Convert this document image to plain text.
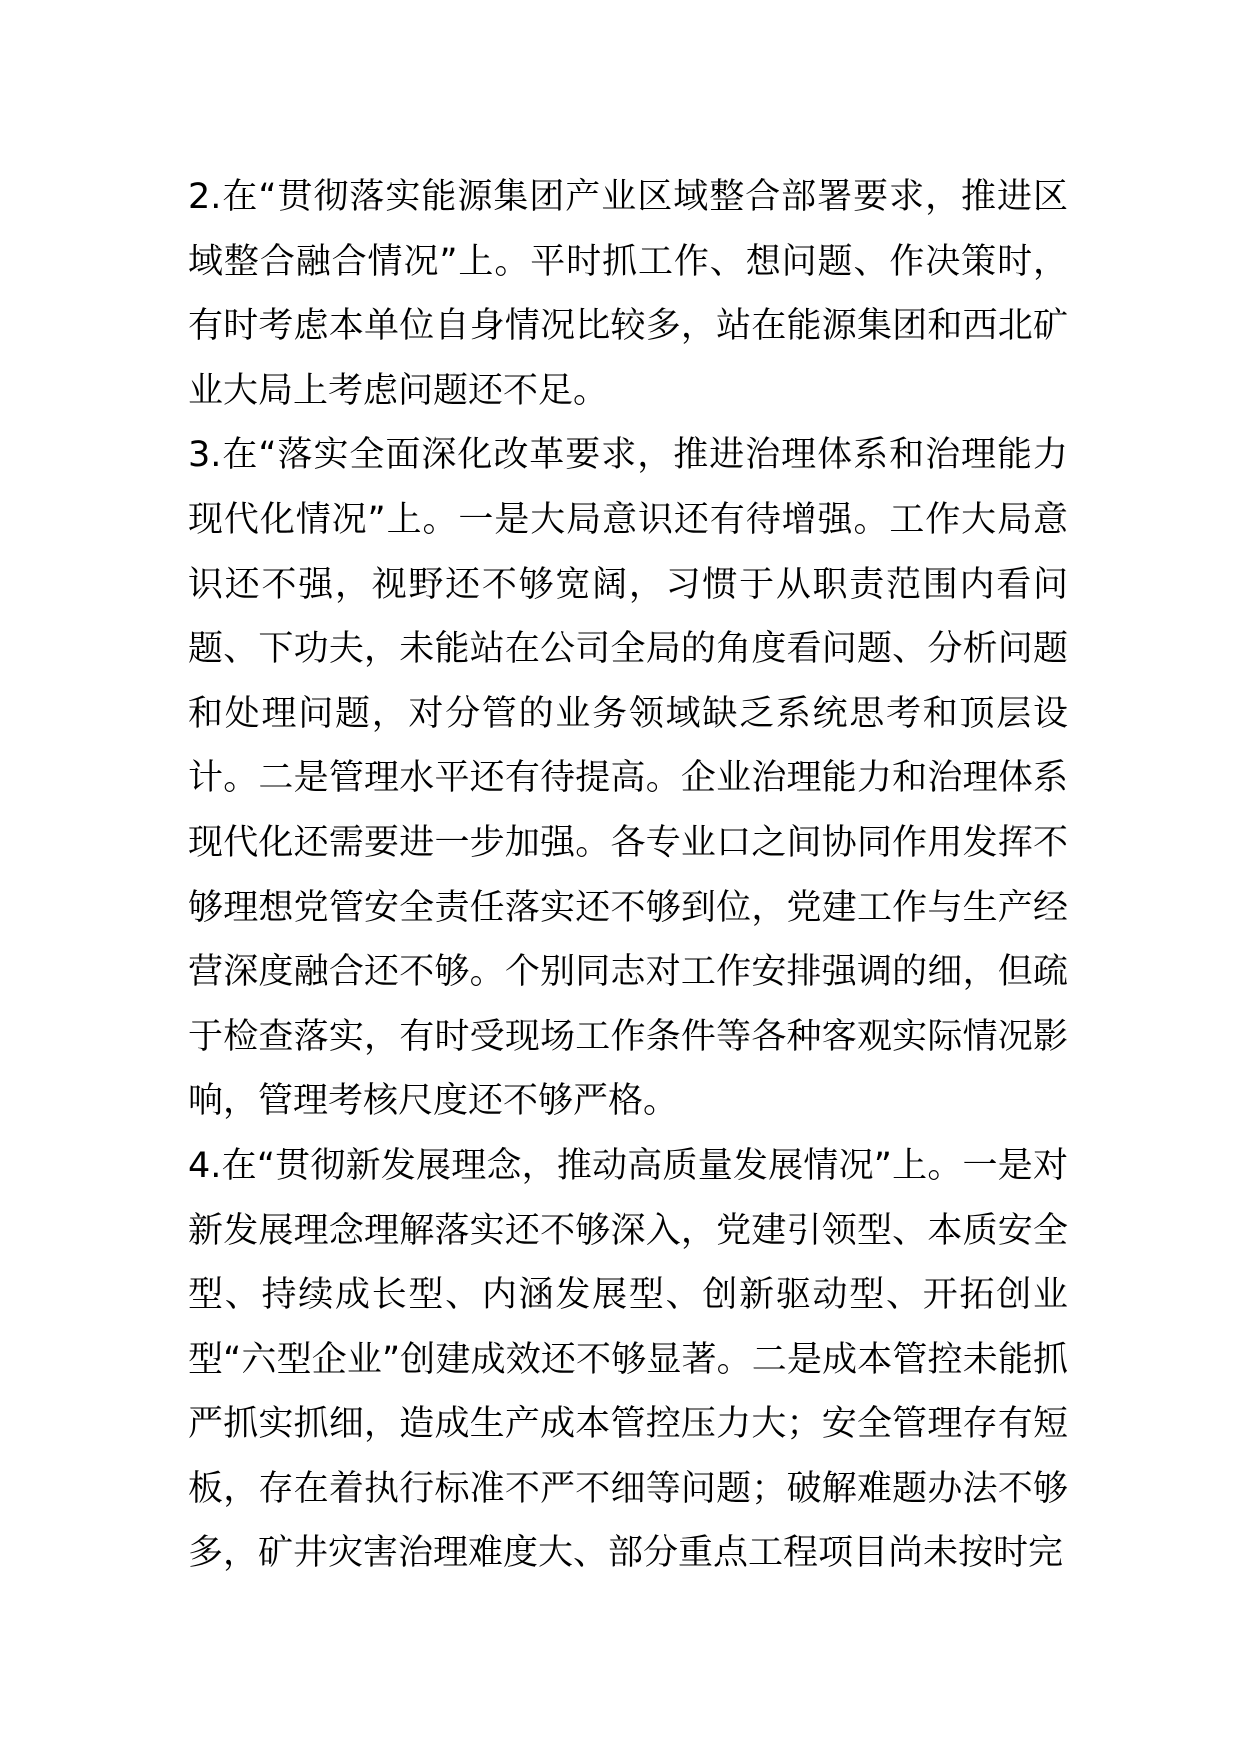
2.在“贯彻落实能源集团产业区域整合部署要求，推进区域整合融合情况”上。平时抓工作、想问题、作决策时，有时考虑本单位自身情况比较多，站在能源集团和西北矿业大局上考虑问题还不足。

3.在“落实全面深化改革要求，推进治理体系和治理能力现代化情况”上。一是大局意识还有待增强。工作大局意识还不强，视野还不够宽阔，习惯于从职责范围内看问题、下功夫，未能站在公司全局的角度看问题、分析问题和处理问题，对分管的业务领域缺乏系统思考和顶层设计。二是管理水平还有待提高。企业治理能力和治理体系现代化还需要进一步加强。各专业口之间协同作用发挥不够理想党管安全责任落实还不够到位，党建工作与生产经营深度融合还不够。个别同志对工作安排强调的细，但疏于检查落实，有时受现场工作条件等各种客观实际情况影响，管理考核尺度还不够严格。

4.在“贯彻新发展理念，推动高质量发展情况”上。一是对新发展理念理解落实还不够深入，党建引领型、本质安全型、持续成长型、内涵发展型、创新驱动型、开拓创业型“六型企业”创建成效还不够显著。二是成本管控未能抓严抓实抓细，造成生产成本管控压力大；安全管理存有短板，存在着执行标准不严不细等问题；破解难题办法不够多，矿井灾害治理难度大、部分重点工程项目尚未按时完
